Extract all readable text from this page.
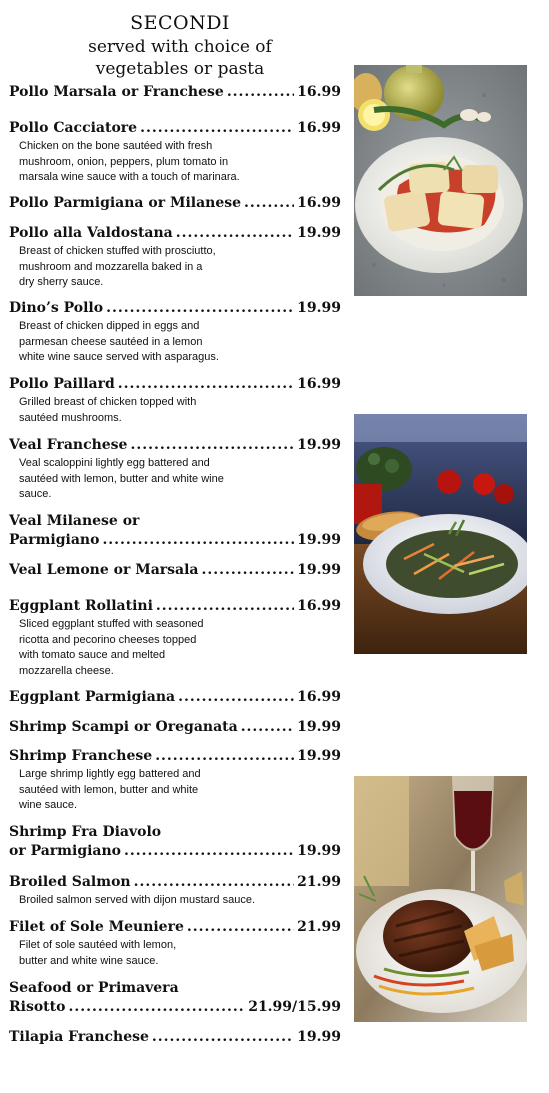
SECONDI
served with choice of
vegetables or pasta
Pollo Marsala or Franchese .....	16.99
Pollo Cacciatore .....	16.99
Chicken on the bone sautéed with fresh
mushroom, onion, peppers, plum tomato in
marsala wine sauce with a touch of marinara.
Pollo Parmigiana or Milanese .....	16.99
Pollo alla Valdostana .....	19.99
Breast of chicken stuffed with prosciutto,
mushroom and mozzarella baked in a
dry sherry sauce.
Dino’s Pollo .....	19.99
Breast of chicken dipped in eggs and
parmesan cheese sautéed in a lemon
white wine sauce served with asparagus.
Pollo Paillard .....	16.99
Grilled breast of chicken topped with
sautéed mushrooms.
Veal Franchese .....	19.99
Veal scaloppini lightly egg battered and
sautéed with lemon, butter and white wine
sauce.
Veal Milanese or
Parmigiano .....	19.99
Veal Lemone or Marsala .....	19.99
Eggplant Rollatini .....	16.99
Sliced eggplant stuffed with seasoned
ricotta and pecorino cheeses topped
with tomato sauce and melted
mozzarella cheese.
Eggplant Parmigiana .....	16.99
Shrimp Scampi or Oreganata .....	19.99
Shrimp Franchese .....	19.99
Large shrimp lightly egg battered and
sautéed with lemon, butter and white
wine sauce.
Shrimp Fra Diavolo
or Parmigiano .....	19.99
Broiled Salmon .....	21.99
Broiled salmon served with dijon mustard sauce.
Filet of Sole Meuniere .....	21.99
Filet of sole sautéed with lemon,
butter and white wine sauce.
Seafood or Primavera
Risotto .....	21.99/15.99
Tilapia Franchese .....	19.99
